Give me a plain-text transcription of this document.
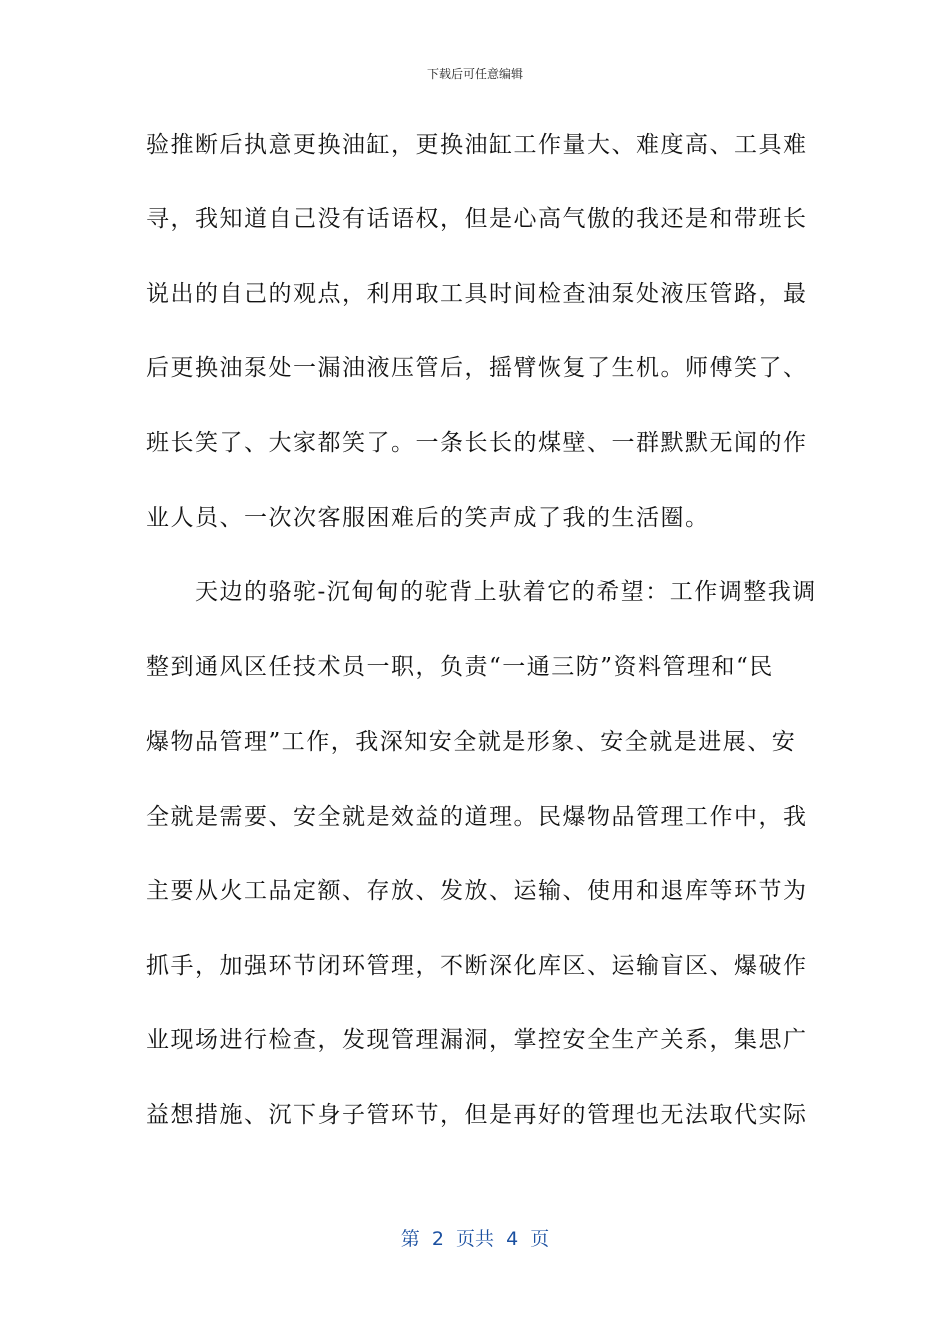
下载后可任意编辑
验推断后执意更换油缸，更换油缸工作量大、难度高、工具难
寻，我知道自己没有话语权，但是心高气傲的我还是和带班长
说出的自己的观点，利用取工具时间检查油泵处液压管路，最
后更换油泵处一漏油液压管后，摇臂恢复了生机。师傅笑了、
班长笑了、大家都笑了。一条长长的煤壁、一群默默无闻的作
业人员、一次次客服困难后的笑声成了我的生活圈。
　　天边的骆驼-沉甸甸的驼背上驮着它的希望：工作调整我调
整到通风区任技术员一职，负责“一通三防”资料管理和“民
爆物品管理”工作，我深知安全就是形象、安全就是进展、安
全就是需要、安全就是效益的道理。民爆物品管理工作中，我
主要从火工品定额、存放、发放、运输、使用和退库等环节为
抓手，加强环节闭环管理，不断深化库区、运输盲区、爆破作
业现场进行检查，发现管理漏洞，掌控安全生产关系，集思广
益想措施、沉下身子管环节，但是再好的管理也无法取代实际
第  2  页共  4  页
